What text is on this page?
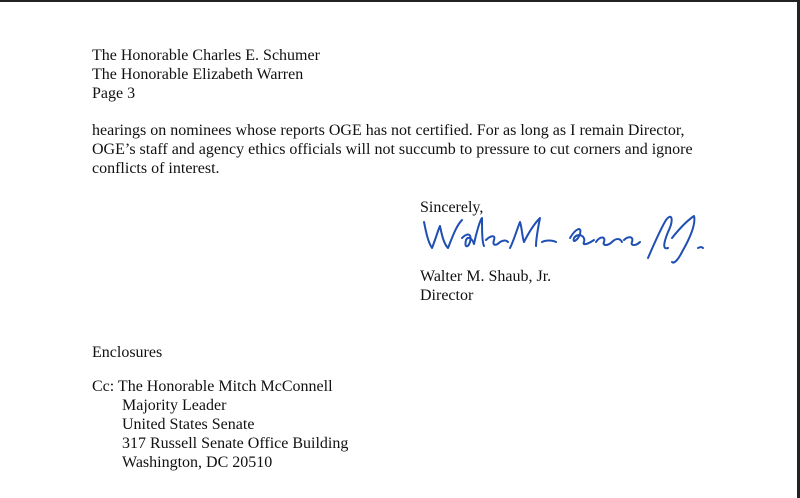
The Honorable Charles E. Schumer
The Honorable Elizabeth Warren
Page 3
hearings on nominees whose reports OGE has not certified. For as long as I remain Director,
OGE’s staff and agency ethics officials will not succumb to pressure to cut corners and ignore
conflicts of interest.
Sincerely,
Walter M. Shaub, Jr.
Director
Enclosures
Cc: The Honorable Mitch McConnell
Majority Leader
United States Senate
317 Russell Senate Office Building
Washington, DC 20510
